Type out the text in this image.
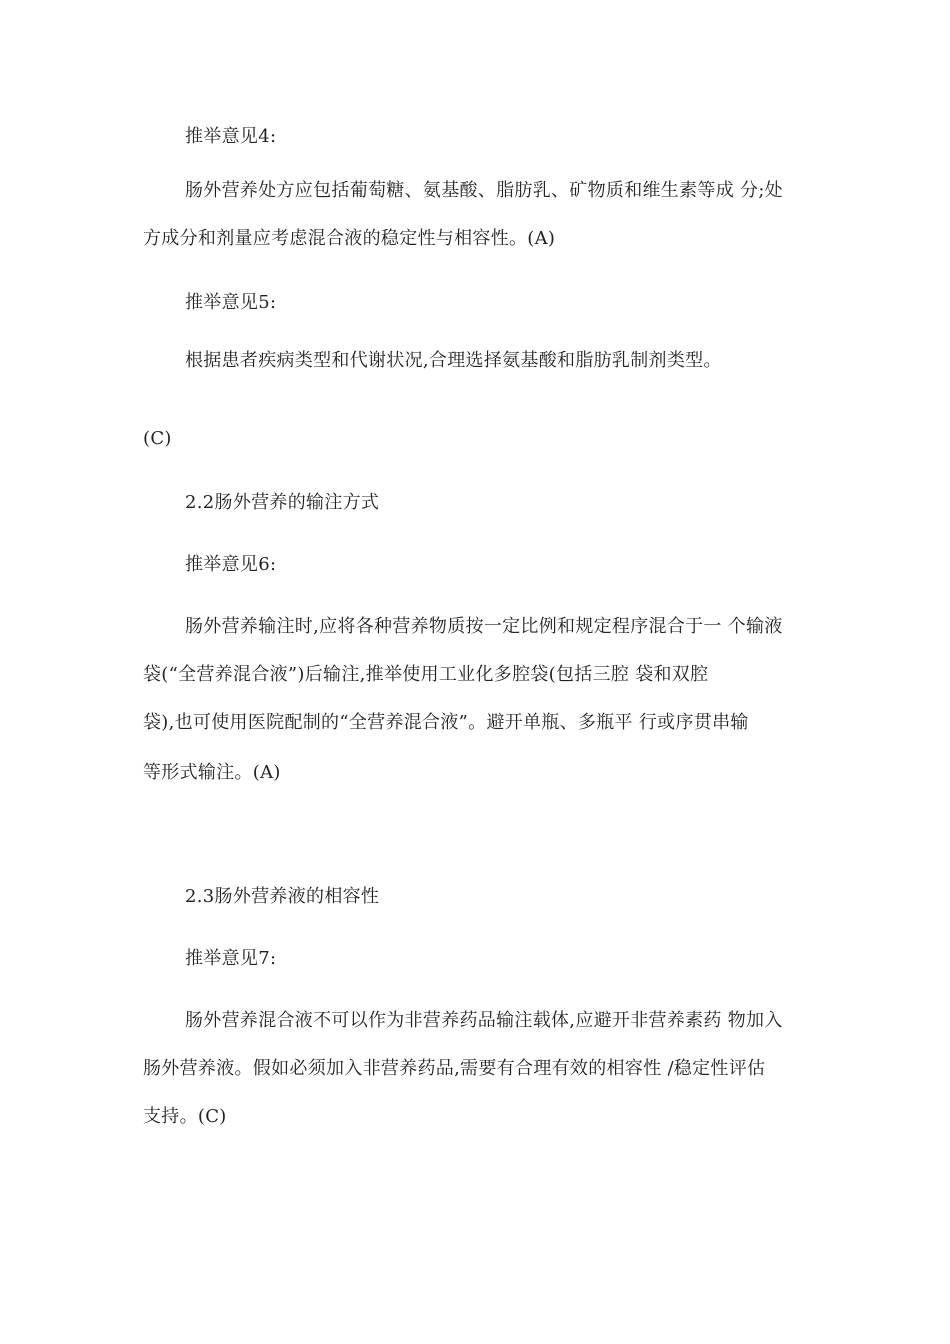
推举意见4:
肠外营养处方应包括葡萄糖、氨基酸、脂肪乳、矿物质和维生素等成 分;处
方成分和剂量应考虑混合液的稳定性与相容性。(A)
推举意见5:
根据患者疾病类型和代谢状况,合理选择氨基酸和脂肪乳制剂类型。
(C)
2.2肠外营养的输注方式
推举意见6:
肠外营养输注时,应将各种营养物质按一定比例和规定程序混合于一 个输液
袋(“全营养混合液”)后输注,推举使用工业化多腔袋(包括三腔 袋和双腔
袋),也可使用医院配制的“全营养混合液”。避开单瓶、多瓶平 行或序贯串输
等形式输注。(A)
2.3肠外营养液的相容性
推举意见7:
肠外营养混合液不可以作为非营养药品输注载体,应避开非营养素药 物加入
肠外营养液。假如必须加入非营养药品,需要有合理有效的相容性 /稳定性评估
支持。(C)
